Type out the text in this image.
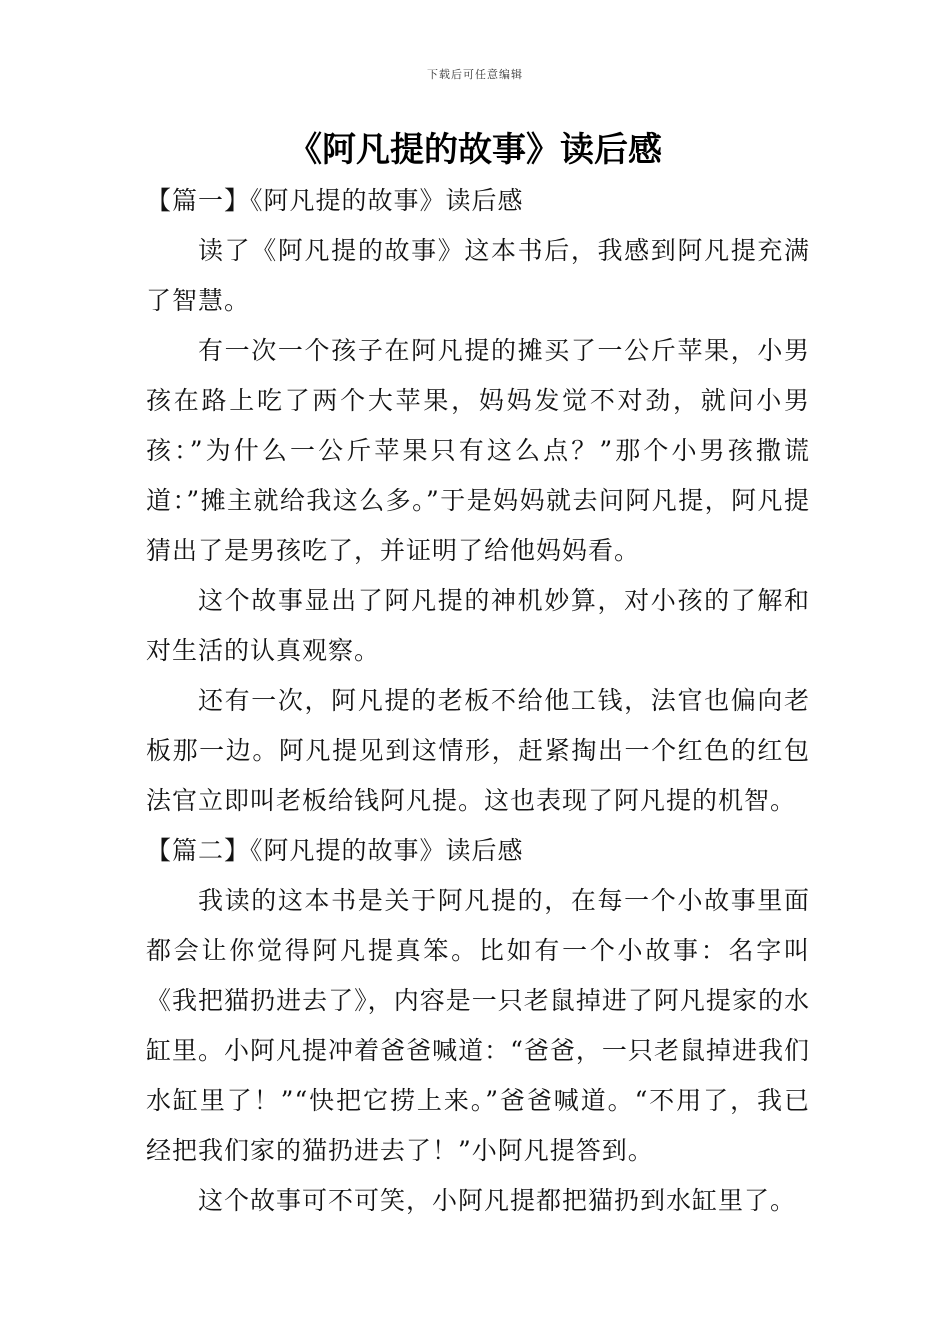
下载后可任意编辑
《阿凡提的故事》读后感
【篇一】《阿凡提的故事》读后感

读了《阿凡提的故事》这本书后，我感到阿凡提充满了智慧。

有一次一个孩子在阿凡提的摊买了一公斤苹果，小男孩在路上吃了两个大苹果，妈妈发觉不对劲，就问小男孩：”为什么一公斤苹果只有这么点？”那个小男孩撒谎道：”摊主就给我这么多。”于是妈妈就去问阿凡提，阿凡提猜出了是男孩吃了，并证明了给他妈妈看。

这个故事显出了阿凡提的神机妙算，对小孩的了解和对生活的认真观察。

还有一次，阿凡提的老板不给他工钱，法官也偏向老板那一边。阿凡提见到这情形，赶紧掏出一个红色的红包法官立即叫老板给钱阿凡提。这也表现了阿凡提的机智。

【篇二】《阿凡提的故事》读后感

我读的这本书是关于阿凡提的，在每一个小故事里面都会让你觉得阿凡提真笨。比如有一个小故事：名字叫《我把猫扔进去了》，内容是一只老鼠掉进了阿凡提家的水缸里。小阿凡提冲着爸爸喊道：“爸爸，一只老鼠掉进我们水缸里了！”“快把它捞上来。”爸爸喊道。“不用了，我已经把我们家的猫扔进去了！”小阿凡提答到。

这个故事可不可笑，小阿凡提都把猫扔到水缸里了。
